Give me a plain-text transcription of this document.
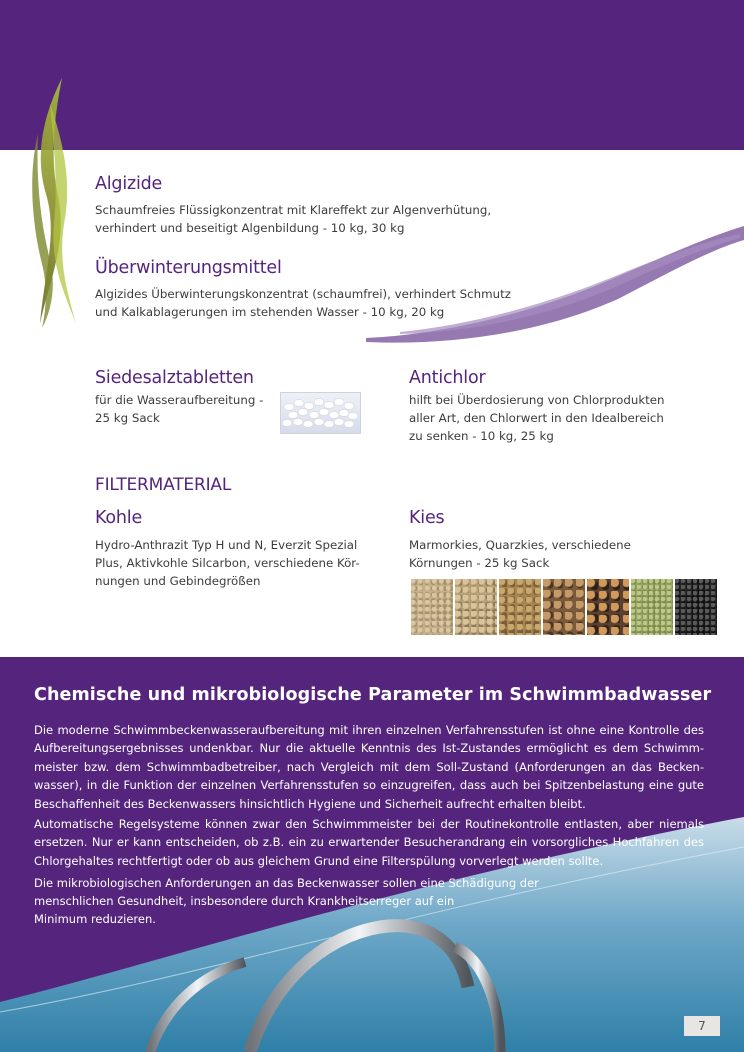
Algizide

Schaumfreies Flüssigkonzentrat mit Klareffekt zur Algenverhütung,

verhindert und beseitigt Algenbildung - 10 kg, 30 kg

Überwinterungsmittel

Algizides Überwinterungskonzentrat (schaumfrei), verhindert Schmutz

und Kalkablagerungen im stehenden Wasser - 10 kg, 20 kg

Siedesalztabletten

für die Wasseraufbereitung -

25 kg Sack

Antichlor

hilft bei Überdosierung von Chlorprodukten

aller Art, den Chlorwert in den Idealbereich

zu senken - 10 kg, 25 kg

FILTERMATERIAL
Kohle

Hydro-Anthrazit Typ H und N, Everzit Spezial

Plus, Aktivkohle Silcarbon, verschiedene Kör-

nungen und Gebindegrößen

Kies

Marmorkies, Quarzkies, verschiedene

Körnungen - 25 kg Sack

Chemische und mikrobiologische Parameter im Schwimmbadwasser

Die moderne Schwimmbeckenwasseraufbereitung mit ihren einzelnen Verfahrensstufen ist ohne eine Kontrolle des Aufbereitungsergebnisses undenkbar. Nur die aktuelle Kenntnis des Ist-Zustandes ermöglicht es dem Schwimm-meister bzw. dem Schwimmbadbetreiber, nach Vergleich mit dem Soll-Zustand (Anforderungen an das Becken-wasser), in die Funktion der einzelnen Verfahrensstufen so einzugreifen, dass auch bei Spitzenbelastung eine gute Beschaffenheit des Beckenwassers hinsichtlich Hygiene und Sicherheit aufrecht erhalten bleibt.

Automatische Regelsysteme können zwar den Schwimmmeister bei der Routinekontrolle entlasten, aber niemals ersetzen. Nur er kann entscheiden, ob z.B. ein zu erwartender Besucherandrang ein vorsorgliches Hochfahren des Chlorgehaltes rechtfertigt oder ob aus gleichem Grund eine Filterspülung vorverlegt werden sollte.

Die mikrobiologischen Anforderungen an das Beckenwasser sollen eine Schädigung der

menschlichen Gesundheit, insbesondere durch Krankheitserreger auf ein

Minimum reduzieren.

7
